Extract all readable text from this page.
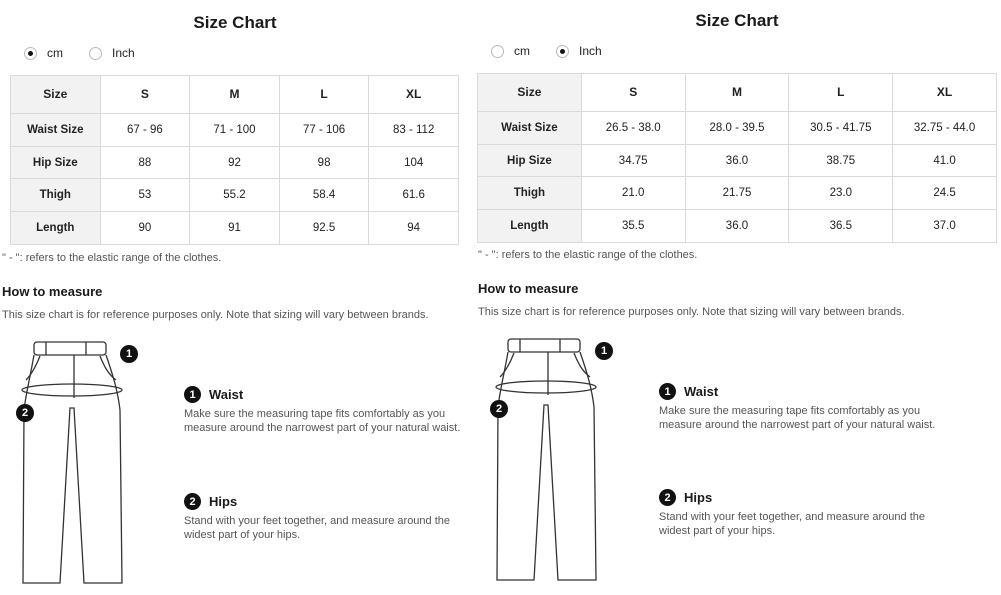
Size Chart
cm	Inch
Size	S	M	L	XL
Waist Size	67 - 96	71 - 100	77 - 106	83 - 112
Hip Size	88	92	98	104
Thigh	53	55.2	58.4	61.6
Length	90	91	92.5	94
" - ": refers to the elastic range of the clothes.
How to measure
This size chart is for reference purposes only. Note that sizing will vary between brands.
1
2
1	Waist
Make sure the measuring tape fits comfortably as you measure around the narrowest part of your natural waist.
2	Hips
Stand with your feet together, and measure around the widest part of your hips.
Size Chart
cm	Inch
Size	S	M	L	XL
Waist Size	26.5 - 38.0	28.0 - 39.5	30.5 - 41.75	32.75 - 44.0
Hip Size	34.75	36.0	38.75	41.0
Thigh	21.0	21.75	23.0	24.5
Length	35.5	36.0	36.5	37.0
" - ": refers to the elastic range of the clothes.
How to measure
This size chart is for reference purposes only. Note that sizing will vary between brands.
1	Waist
Make sure the measuring tape fits comfortably as you measure around the narrowest part of your natural waist.
2	Hips
Stand with your feet together, and measure around the widest part of your hips.
1
2
